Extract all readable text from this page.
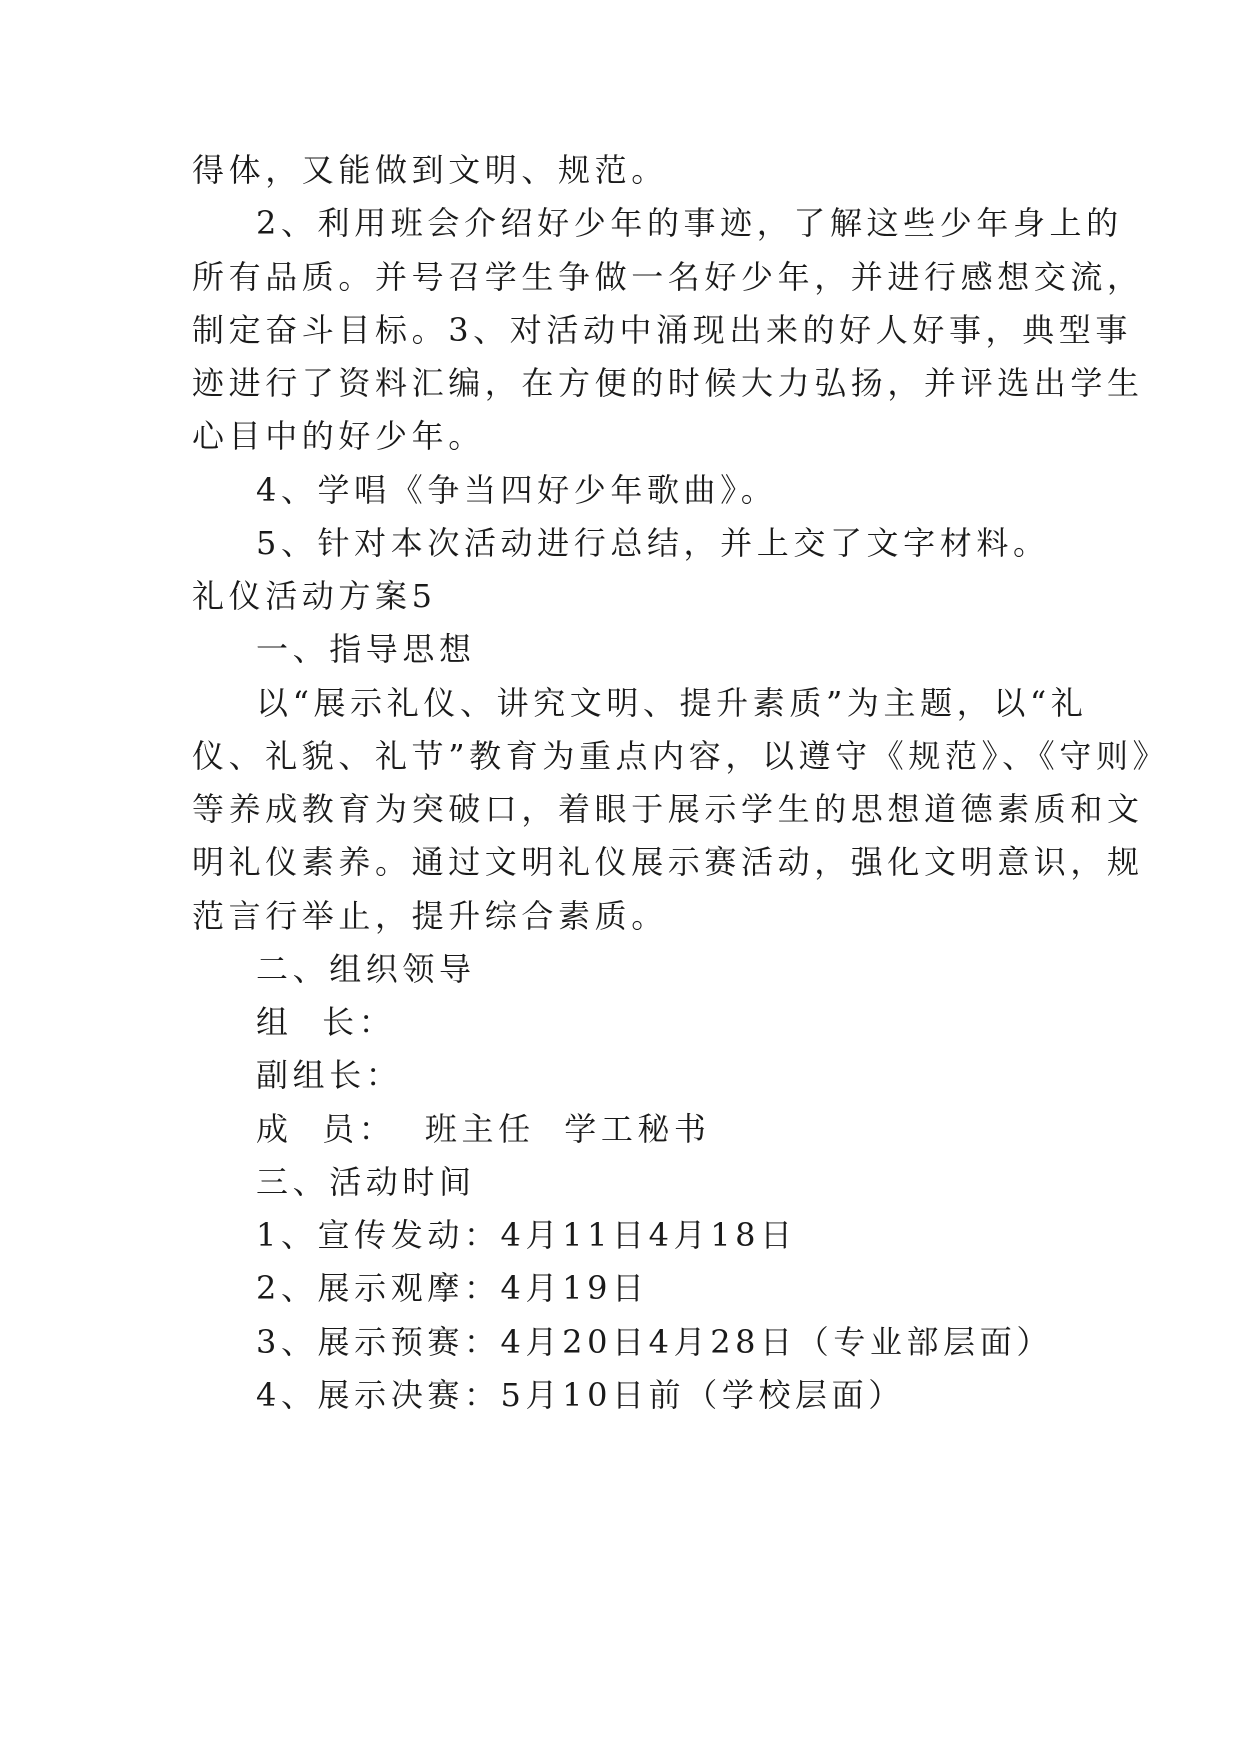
得体，又能做到文明、规范。
2、利用班会介绍好少年的事迹，了解这些少年身上的
所有品质。并号召学生争做一名好少年，并进行感想交流，
制定奋斗目标。3、对活动中涌现出来的好人好事，典型事
迹进行了资料汇编，在方便的时候大力弘扬，并评选出学生
心目中的好少年。
4、学唱《争当四好少年歌曲》。
5、针对本次活动进行总结，并上交了文字材料。
礼仪活动方案5
一、指导思想
以“展示礼仪、讲究文明、提升素质”为主题，以“礼
仪、礼貌、礼节”教育为重点内容，以遵守《规范》、《守则》
等养成教育为突破口，着眼于展示学生的思想道德素质和文
明礼仪素养。通过文明礼仪展示赛活动，强化文明意识，规
范言行举止，提升综合素质。
二、组织领导
组  长：
副组长：
成  员：  班主任  学工秘书
三、活动时间
1、宣传发动：4月11日4月18日
2、展示观摩：4月19日
3、展示预赛：4月20日4月28日（专业部层面）
4、展示决赛：5月10日前（学校层面）
